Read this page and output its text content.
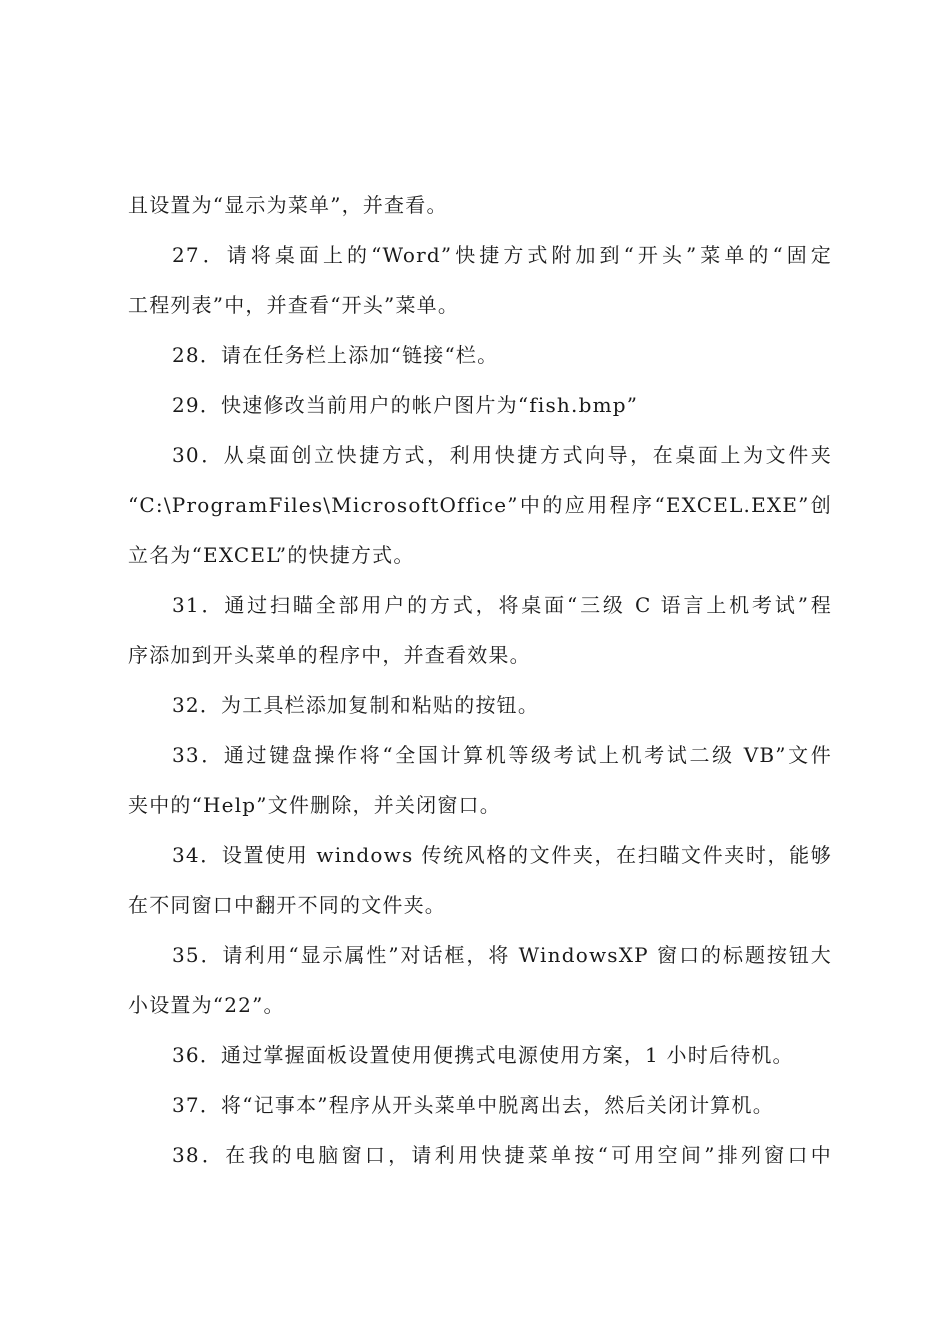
且设置为“显示为菜单”，并查看。
27．请将桌面上的“Word”快捷方式附加到“开头”菜单的“固定
工程列表”中，并查看“开头”菜单。
28．请在任务栏上添加“链接“栏。
29．快速修改当前用户的帐户图片为“fish.bmp”
30．从桌面创立快捷方式，利用快捷方式向导，在桌面上为文件夹
“C:\ProgramFiles\MicrosoftOffice”中的应用程序“EXCEL.EXE”创
立名为“EXCEL”的快捷方式。
31．通过扫瞄全部用户的方式，将桌面“三级 C 语言上机考试”程
序添加到开头菜单的程序中，并查看效果。
32．为工具栏添加复制和粘贴的按钮。
33．通过键盘操作将“全国计算机等级考试上机考试二级 VB”文件
夹中的“Help”文件删除，并关闭窗口。
34．设置使用 windows 传统风格的文件夹，在扫瞄文件夹时，能够
在不同窗口中翻开不同的文件夹。
35．请利用“显示属性”对话框，将 WindowsXP 窗口的标题按钮大
小设置为“22”。
36．通过掌握面板设置使用便携式电源使用方案，1 小时后待机。
37．将“记事本”程序从开头菜单中脱离出去，然后关闭计算机。
38．在我的电脑窗口，请利用快捷菜单按“可用空间”排列窗口中
